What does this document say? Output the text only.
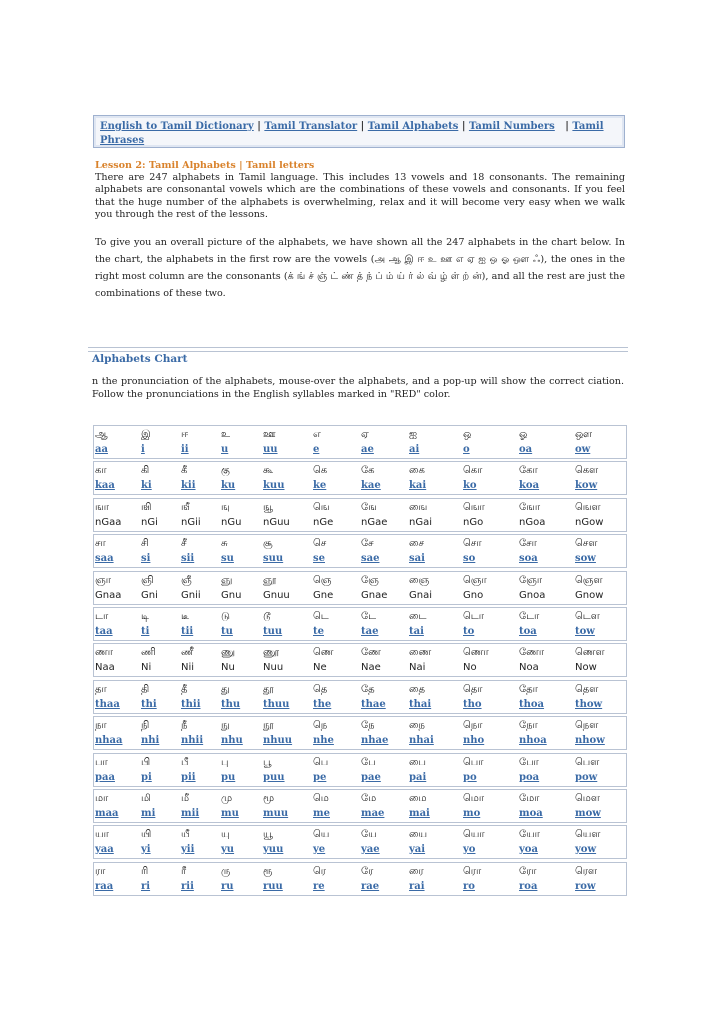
English to Tamil Dictionary | Tamil Translator | Tamil Alphabets | Tamil Numbers | Tamil
Phrases
Lesson 2: Tamil Alphabets | Tamil letters

There are 247 alphabets in Tamil language. This includes 13 vowels and 18 consonants. The remaining alphabets are consonantal vowels which are the combinations of these vowels and consonants. If you feel that the huge number of the alphabets is overwhelming, relax and it will become very easy when we walk you through the rest of the lessons.

To give you an overall picture of the alphabets, we have shown all the 247 alphabets in the chart below. In the chart, the alphabets in the first row are the vowels (அ ஆ இ ஈ உ ஊ எ ஏ ஐ ஒ ஓ ஔ ஃ), the ones in the right most column are the consonants (க் ங் ச் ஞ் ட் ண் த் ந் ப் ம் ய் ர் ல் வ் ழ் ள் ற் ன்), and all the rest are just the combinations of these two.

Alphabets Chart
n the pronunciation of the alphabets, mouse-over the alphabets, and a pop-up will show the correct ciation. Follow the pronunciations in the English syllables marked in "RED" color.
ஆ
aa
இ
i
ஈ
ii
உ
u
ஊ
uu
எ
e
ஏ
ae
ஐ
ai
ஒ
o
ஓ
oa
ஔ
ow
கா
kaa
கி
ki
கீ
kii
கு
ku
கூ
kuu
கெ
ke
கே
kae
கை
kai
கொ
ko
கோ
koa
கௌ
kow
ஙா
nGaa
ஙி
nGi
ஙீ
nGii
ஙு
nGu
ஙூ
nGuu
ஙெ
nGe
ஙே
nGae
ஙை
nGai
ஙொ
nGo
ஙோ
nGoa
ஙௌ
nGow
சா
saa
சி
si
சீ
sii
சு
su
சூ
suu
செ
se
சே
sae
சை
sai
சொ
so
சோ
soa
சௌ
sow
ஞா
Gnaa
ஞி
Gni
ஞீ
Gnii
ஞு
Gnu
ஞூ
Gnuu
ஞெ
Gne
ஞே
Gnae
ஞை
Gnai
ஞொ
Gno
ஞோ
Gnoa
ஞௌ
Gnow
டா
taa
டி
ti
டீ
tii
டு
tu
டூ
tuu
டெ
te
டே
tae
டை
tai
டொ
to
டோ
toa
டௌ
tow
ணா
Naa
ணி
Ni
ணீ
Nii
ணு
Nu
ணூ
Nuu
ணெ
Ne
ணே
Nae
ணை
Nai
ணொ
No
ணோ
Noa
ணௌ
Now
தா
thaa
தி
thi
தீ
thii
து
thu
தூ
thuu
தெ
the
தே
thae
தை
thai
தொ
tho
தோ
thoa
தௌ
thow
நா
nhaa
நி
nhi
நீ
nhii
நு
nhu
நூ
nhuu
நெ
nhe
நே
nhae
நை
nhai
நொ
nho
நோ
nhoa
நௌ
nhow
பா
paa
பி
pi
பீ
pii
பு
pu
பூ
puu
பெ
pe
பே
pae
பை
pai
பொ
po
போ
poa
பௌ
pow
மா
maa
மி
mi
மீ
mii
மு
mu
மூ
muu
மெ
me
மே
mae
மை
mai
மொ
mo
மோ
moa
மௌ
mow
யா
yaa
யி
yi
யீ
yii
யு
yu
யூ
yuu
யெ
ye
யே
yae
யை
yai
யொ
yo
யோ
yoa
யௌ
yow
ரா
raa
ரி
ri
ரீ
rii
ரு
ru
ரூ
ruu
ரெ
re
ரே
rae
ரை
rai
ரொ
ro
ரோ
roa
ரௌ
row
